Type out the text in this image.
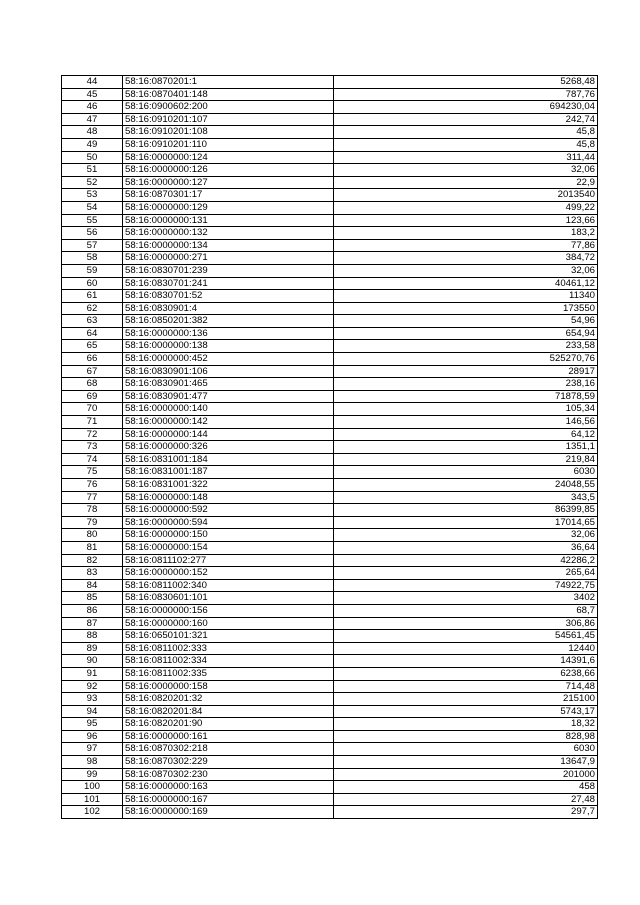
44	58:16:0870201:1	5268,48
45	58:16:0870401:148	787,76
46	58:16:0900602:200	694230,04
47	58:16:0910201:107	242,74
48	58:16:0910201:108	45,8
49	58:16:0910201:110	45,8
50	58:16:0000000:124	311,44
51	58:16:0000000:126	32,06
52	58:16:0000000:127	22,9
53	58:16:0870301:17	2013540
54	58:16:0000000:129	499,22
55	58:16:0000000:131	123,66
56	58:16:0000000:132	183,2
57	58:16:0000000:134	77,86
58	58:16:0000000:271	384,72
59	58:16:0830701:239	32,06
60	58:16:0830701:241	40461,12
61	58:16:0830701:52	11340
62	58:16:0830901:4	173550
63	58:16:0850201:382	54,96
64	58:16:0000000:136	654,94
65	58:16:0000000:138	233,58
66	58:16:0000000:452	525270,76
67	58:16:0830901:106	28917
68	58:16:0830901:465	238,16
69	58:16:0830901:477	71878,59
70	58:16:0000000:140	105,34
71	58:16:0000000:142	146,56
72	58:16:0000000:144	64,12
73	58:16:0000000:326	1351,1
74	58:16:0831001:184	219,84
75	58:16:0831001:187	6030
76	58:16:0831001:322	24048,55
77	58:16:0000000:148	343,5
78	58:16:0000000:592	86399,85
79	58:16:0000000:594	17014,65
80	58:16:0000000:150	32,06
81	58:16:0000000:154	36,64
82	58:16:0811102:277	42286,2
83	58:16:0000000:152	265,64
84	58:16:0811002:340	74922,75
85	58:16:0830601:101	3402
86	58:16:0000000:156	68,7
87	58:16:0000000:160	306,86
88	58:16:0650101:321	54561,45
89	58:16:0811002:333	12440
90	58:16:0811002:334	14391,6
91	58:16:0811002:335	6238,66
92	58:16:0000000:158	714,48
93	58:16:0820201:32	215100
94	58:16:0820201:84	5743,17
95	58:16:0820201:90	18,32
96	58:16:0000000:161	828,98
97	58:16:0870302:218	6030
98	58:16:0870302:229	13647,9
99	58:16:0870302:230	201000
100	58:16:0000000:163	458
101	58:16:0000000:167	27,48
102	58:16:0000000:169	297,7
